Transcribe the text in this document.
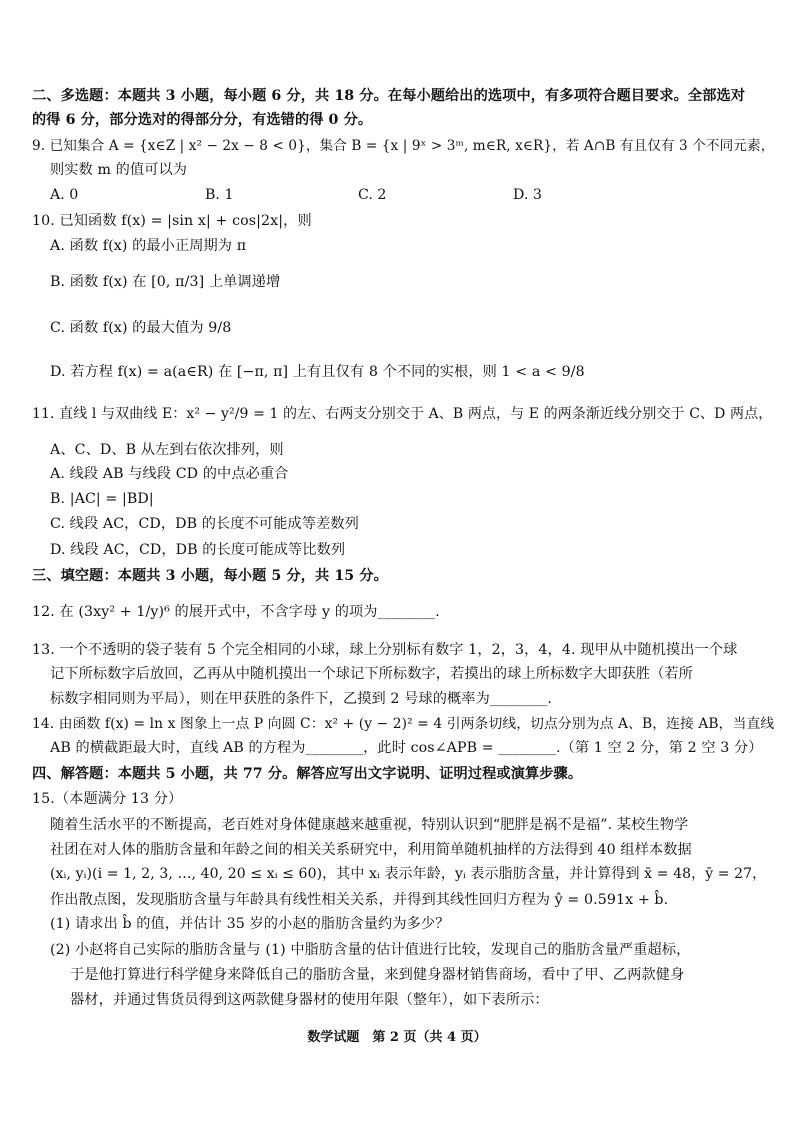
二、多选题：本题共 3 小题，每小题 6 分，共 18 分。在每小题给出的选项中，有多项符合题目要求。全部选对
的得 6 分，部分选对的得部分分，有选错的得 0 分。
9. 已知集合 A = {x∈Z | x² − 2x − 8 < 0}，集合 B = {x | 9ˣ > 3ᵐ, m∈R, x∈R}，若 A∩B 有且仅有 3 个不同元素，
则实数 m 的值可以为
A. 0	B. 1	C. 2	D. 3
10. 已知函数 f(x) = |sin x| + cos|2x|，则
A. 函数 f(x) 的最小正周期为 π
B. 函数 f(x) 在 [0, π/3] 上单调递增
C. 函数 f(x) 的最大值为 9/8
D. 若方程 f(x) = a(a∈R) 在 [−π, π] 上有且仅有 8 个不同的实根，则 1 < a < 9/8
11. 直线 l 与双曲线 E：x² − y²/9 = 1 的左、右两支分别交于 A、B 两点，与 E 的两条渐近线分别交于 C、D 两点，
A、C、D、B 从左到右依次排列，则
A. 线段 AB 与线段 CD 的中点必重合
B. |AC| = |BD|
C. 线段 AC，CD，DB 的长度不可能成等差数列
D. 线段 AC，CD，DB 的长度可能成等比数列
三、填空题：本题共 3 小题，每小题 5 分，共 15 分。
12. 在 (3xy² + 1/y)⁶ 的展开式中，不含字母 y 的项为________.
13. 一个不透明的袋子装有 5 个完全相同的小球，球上分别标有数字 1，2，3，4，4. 现甲从中随机摸出一个球
记下所标数字后放回，乙再从中随机摸出一个球记下所标数字，若摸出的球上所标数字大即获胜（若所
标数字相同则为平局），则在甲获胜的条件下，乙摸到 2 号球的概率为________.
14. 由函数 f(x) = ln x 图象上一点 P 向圆 C：x² + (y − 2)² = 4 引两条切线，切点分别为点 A、B，连接 AB，当直线
AB 的横截距最大时，直线 AB 的方程为________，此时 cos∠APB = ________.（第 1 空 2 分，第 2 空 3 分）
四、解答题：本题共 5 小题，共 77 分。解答应写出文字说明、证明过程或演算步骤。
15.（本题满分 13 分）
随着生活水平的不断提高，老百姓对身体健康越来越重视，特别认识到“肥胖是祸不是福”. 某校生物学
社团在对人体的脂肪含量和年龄之间的相关关系研究中，利用简单随机抽样的方法得到 40 组样本数据
(xᵢ, yᵢ)(i = 1, 2, 3, …, 40, 20 ≤ xᵢ ≤ 60)，其中 xᵢ 表示年龄，yᵢ 表示脂肪含量，并计算得到 x̄ = 48，ȳ = 27，
作出散点图，发现脂肪含量与年龄具有线性相关关系，并得到其线性回归方程为 ŷ = 0.591x + b̂.
(1) 请求出 b̂ 的值，并估计 35 岁的小赵的脂肪含量约为多少？
(2) 小赵将自己实际的脂肪含量与 (1) 中脂肪含量的估计值进行比较，发现自己的脂肪含量严重超标，
于是他打算进行科学健身来降低自己的脂肪含量，来到健身器材销售商场，看中了甲、乙两款健身
器材，并通过售货员得到这两款健身器材的使用年限（整年），如下表所示：
数学试题　第 2 页（共 4 页）
